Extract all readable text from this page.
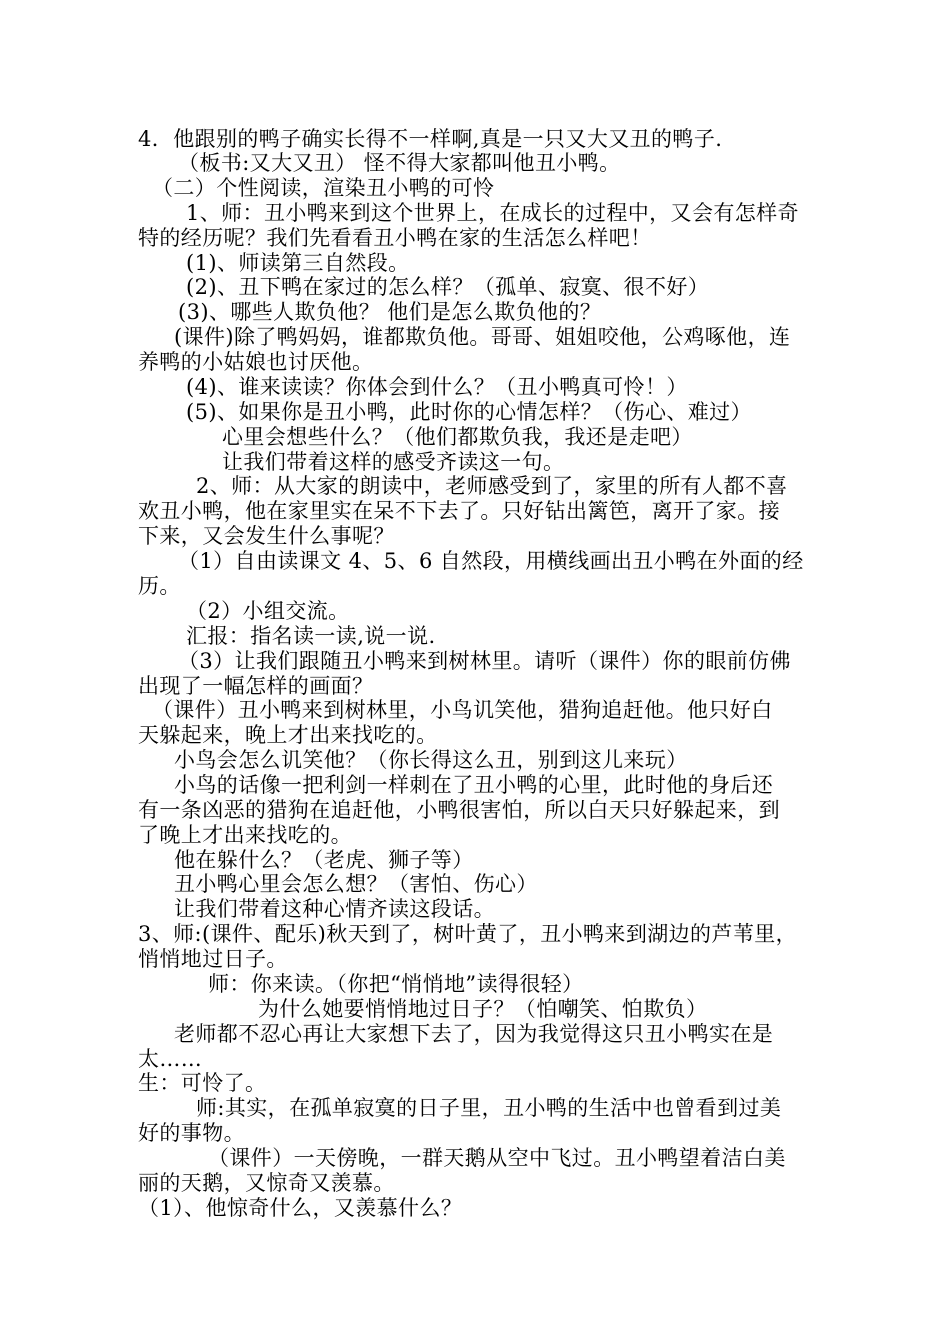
4．他跟别的鸭子确实长得不一样啊,真是一只又大又丑的鸭子.
（板书:又大又丑） 怪不得大家都叫他丑小鸭。
（二）个性阅读，渲染丑小鸭的可怜
1、师：丑小鸭来到这个世界上，在成长的过程中，又会有怎样奇
特的经历呢？我们先看看丑小鸭在家的生活怎么样吧！
(1)、师读第三自然段。
(2)、丑下鸭在家过的怎么样？（孤单、寂寞、很不好）
(3)、哪些人欺负他？ 他们是怎么欺负他的？
(课件)除了鸭妈妈，谁都欺负他。哥哥、姐姐咬他，公鸡啄他，连
养鸭的小姑娘也讨厌他。
(4)、谁来读读？你体会到什么？（丑小鸭真可怜！）
(5)、如果你是丑小鸭，此时你的心情怎样？（伤心、难过）
心里会想些什么？（他们都欺负我，我还是走吧）
让我们带着这样的感受齐读这一句。
2、师：从大家的朗读中，老师感受到了，家里的所有人都不喜
欢丑小鸭，他在家里实在呆不下去了。只好钻出篱笆，离开了家。接
下来，又会发生什么事呢？
（1）自由读课文 4、5、6 自然段，用横线画出丑小鸭在外面的经
历。
（2）小组交流。
汇报：指名读一读,说一说.
（3）让我们跟随丑小鸭来到树林里。请听（课件）你的眼前仿佛
出现了一幅怎样的画面？
（课件）丑小鸭来到树林里，小鸟讥笑他，猎狗追赶他。他只好白
天躲起来，晚上才出来找吃的。
小鸟会怎么讥笑他？（你长得这么丑，别到这儿来玩）
小鸟的话像一把利剑一样刺在了丑小鸭的心里，此时他的身后还
有一条凶恶的猎狗在追赶他，小鸭很害怕，所以白天只好躲起来，到
了晚上才出来找吃的。
他在躲什么？（老虎、狮子等）
丑小鸭心里会怎么想？（害怕、伤心）
让我们带着这种心情齐读这段话。
3、师:(课件、配乐)秋天到了，树叶黄了，丑小鸭来到湖边的芦苇里，
悄悄地过日子。
师：你来读。（你把“悄悄地”读得很轻）
为什么她要悄悄地过日子？（怕嘲笑、怕欺负）
老师都不忍心再让大家想下去了，因为我觉得这只丑小鸭实在是
太……
生：可怜了。
师:其实，在孤单寂寞的日子里，丑小鸭的生活中也曾看到过美
好的事物。
（课件）一天傍晚，一群天鹅从空中飞过。丑小鸭望着洁白美
丽的天鹅，又惊奇又羡慕。
（1）、他惊奇什么，又羡慕什么？
